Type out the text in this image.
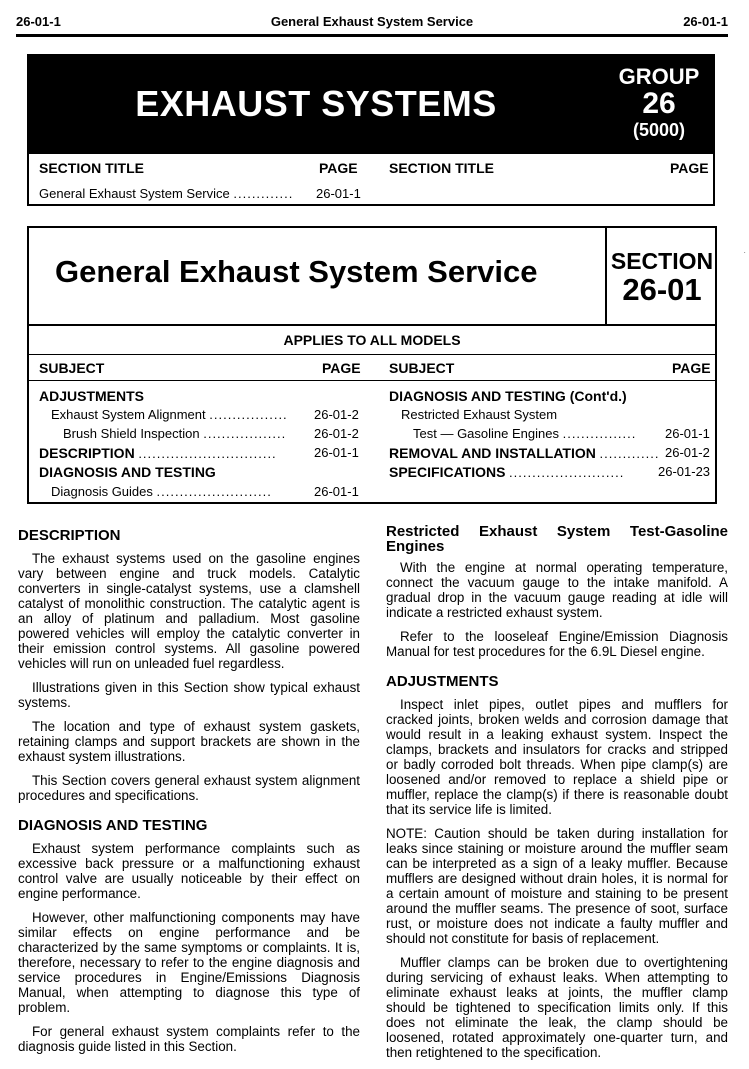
26-01-1	General Exhaust System Service	26-01-1
EXHAUST SYSTEMS
GROUP
26
(5000)
SECTION TITLE	PAGE SECTION TITLE	PAGE
General Exhaust System Service ............. 26-01-1
General Exhaust System Service	SECTION
26-01
APPLIES TO ALL MODELS
SUBJECT	PAGE SUBJECT	PAGE
ADJUSTMENTS
Exhaust System Alignment ................. 26-01-2
Brush Shield Inspection .................. 26-01-2
DESCRIPTION ..............................	26-01-1
DIAGNOSIS AND TESTING
Diagnosis Guides .........................	26-01-1
DIAGNOSIS AND TESTING (Cont'd.)
Restricted Exhaust System
Test — Gasoline Engines ................ 26-01-1
REMOVAL AND INSTALLATION ............. 26-01-2
SPECIFICATIONS .........................	26-01-23
·
DESCRIPTION

The exhaust systems used on the gasoline engines vary between engine and truck models. Catalytic converters in single-catalyst systems, use a clamshell catalyst of monolithic construction. The catalytic agent is an alloy of platinum and palladium. Most gasoline powered vehicles will employ the catalytic converter in their emission control systems. All gasoline powered vehicles will run on unleaded fuel regardless.

Illustrations given in this Section show typical exhaust systems.

The location and type of exhaust system gaskets, retaining clamps and support brackets are shown in the exhaust system illustrations.

This Section covers general exhaust system alignment procedures and specifications.

DIAGNOSIS AND TESTING

Exhaust system performance complaints such as excessive back pressure or a malfunctioning exhaust control valve are usually noticeable by their effect on engine performance.

However, other malfunctioning components may have similar effects on engine performance and be characterized by the same symptoms or complaints. It is, therefore, necessary to refer to the engine diagnosis and service procedures in Engine/Emissions Diagnosis Manual, when attempting to diagnose this type of problem.

For general exhaust system complaints refer to the diagnosis guide listed in this Section.

Restricted Exhaust System Test-Gasoline Engines

With the engine at normal operating temperature, connect the vacuum gauge to the intake manifold. A gradual drop in the vacuum gauge reading at idle will indicate a restricted exhaust system.

Refer to the looseleaf Engine/Emission Diagnosis Manual for test procedures for the 6.9L Diesel engine.

ADJUSTMENTS

Inspect inlet pipes, outlet pipes and mufflers for cracked joints, broken welds and corrosion damage that would result in a leaking exhaust system. Inspect the clamps, brackets and insulators for cracks and stripped or badly corroded bolt threads. When pipe clamp(s) are loosened and/or removed to replace a shield pipe or muffler, replace the clamp(s) if there is reasonable doubt that its service life is limited.

NOTE: Caution should be taken during installation for leaks since staining or moisture around the muffler seam can be interpreted as a sign of a leaky muffler. Because mufflers are designed without drain holes, it is normal for a certain amount of moisture and staining to be present around the muffler seams. The presence of soot, surface rust, or moisture does not indicate a faulty muffler and should not constitute for basis of replacement.

Muffler clamps can be broken due to overtightening during servicing of exhaust leaks. When attempting to eliminate exhaust leaks at joints, the muffler clamp should be tightened to specification limits only. If this does not eliminate the leak, the clamp should be loosened, rotated approximately one-quarter turn, and then retightened to the specification.
